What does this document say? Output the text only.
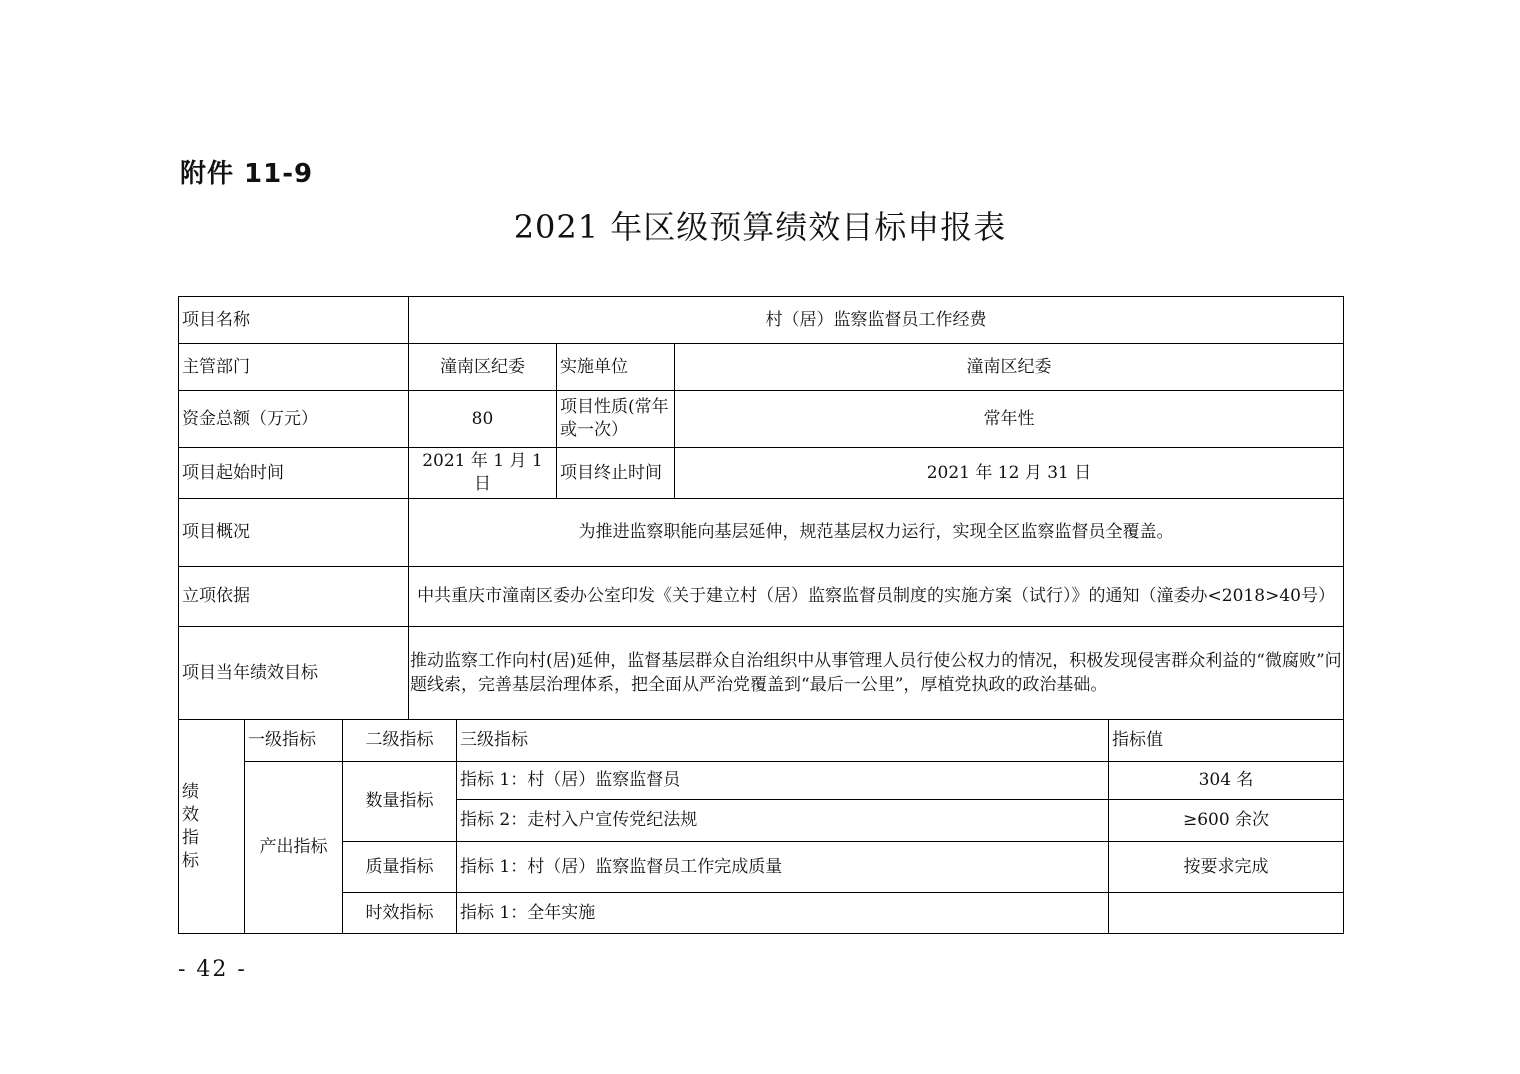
附件 11-9
2021 年区级预算绩效目标申报表
项目名称			村（居）监察监督员工作经费				
主管部门			潼南区纪委		实施单位	潼南区纪委	
资金总额（万元）			80		项目性质(常年或一次）	常年性	
项目起始时间			2021 年 1 月 1 日		项目终止时间	2021 年 12 月 31 日	
项目概况			为推进监察职能向基层延伸，规范基层权力运行，实现全区监察监督员全覆盖。				
立项依据			中共重庆市潼南区委办公室印发《关于建立村（居）监察监督员制度的实施方案（试行）》的通知（潼委办<2018>40号）				
项目当年绩效目标			推动监察工作向村(居)延伸，监督基层群众自治组织中从事管理人员行使公权力的情况，积极发现侵害群众利益的“微腐败”问题线索，完善基层治理体系，把全面从严治党覆盖到“最后一公里”，厚植党执政的政治基础。				
绩
效
指
标	一级指标	二级指标		三级指标			指标值
	产出指标	数量指标		指标 1：村（居）监察监督员			304 名
				指标 2：走村入户宣传党纪法规			≥600 余次
		质量指标		指标 1：村（居）监察监督员工作完成质量			按要求完成
		时效指标		指标 1：全年实施			
- 42 -
